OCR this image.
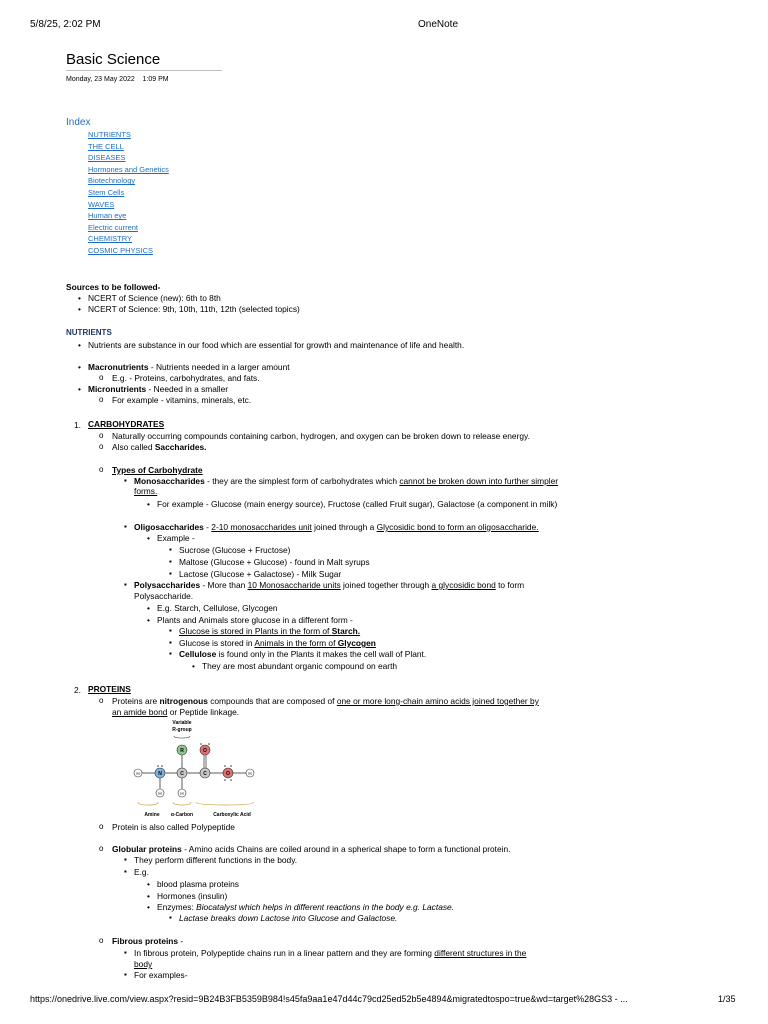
5/8/25, 2:02 PM	OneNote
Basic Science
Monday, 23 May 2022 1:09 PM
Index
NUTRIENTS
THE CELL
DISEASES
Hormones and Genetics
Biotechnology
Stem Cells
WAVES
Human eye
Electric current
CHEMISTRY
COSMIC PHYSICS
Sources to be followed-
• NCERT of Science (new): 6th to 8th
• NCERT of Science: 9th, 10th, 11th, 12th (selected topics)
NUTRIENTS
• Nutrients are substance in our food which are essential for growth and maintenance of life and health.
• Macronutrients - Nutrients needed in a larger amount
o E.g. - Proteins, carbohydrates, and fats.
• Micronutrients - Needed in a smaller
o For example - vitamins, minerals, etc.
1. CARBOHYDRATES
o Naturally occurring compounds containing carbon, hydrogen, and oxygen can be broken down to release energy.
o Also called Saccharides.
o Types of Carbohydrate
▪ Monosaccharides - they are the simplest form of carbohydrates which cannot be broken down into further simpler forms.
• For example - Glucose (main energy source), Fructose (called Fruit sugar), Galactose (a component in milk)
▪ Oligosaccharides - 2-10 monosaccharides unit joined through a Glycosidic bond to form an oligosaccharide.
• Example -
▪ Sucrose (Glucose + Fructose)
▪ Maltose (Glucose + Glucose) - found in Malt syrups
▪ Lactose (Glucose + Galactose) - Milk Sugar
▪ Polysaccharides - More than 10 Monosaccharide units joined together through a glycosidic bond to form
Polysaccharide.
• E.g. Starch, Cellulose, Glycogen
• Plants and Animals store glucose in a different form -
▪ Glucose is stored in Plants in the form of Starch.
▪ Glucose is stored in Animals in the form of Glycogen
▪ Cellulose is found only in the Plants it makes the cell wall of Plant.
• They are most abundant organic compound on earth
2. PROTEINS
o Proteins are nitrogenous compounds that are composed of one or more long-chain amino acids joined together by
an amide bond or Peptide linkage.
Variable
R-group
R	O
H	N	C	C	O	H
H	H
Amine α-Carbon	Carboxylic Acid
o Protein is also called Polypeptide
o Globular proteins - Amino acids Chains are coiled around in a spherical shape to form a functional protein.
▪ They perform different functions in the body.
▪ E.g.
• blood plasma proteins
• Hormones (insulin)
• Enzymes: Biocatalyst which helps in different reactions in the body e.g. Lactase.
▪ Lactase breaks down Lactose into Glucose and Galactose.
o Fibrous proteins -
▪ In fibrous protein, Polypeptide chains run in a linear pattern and they are forming different structures in the
body
▪ For examples-
https://onedrive.live.com/view.aspx?resid=9B24B3FB5359B984!s45fa9aa1e47d44c79cd25ed52b5e4894&migratedtospo=true&wd=target%28GS3 - ...	1/35
